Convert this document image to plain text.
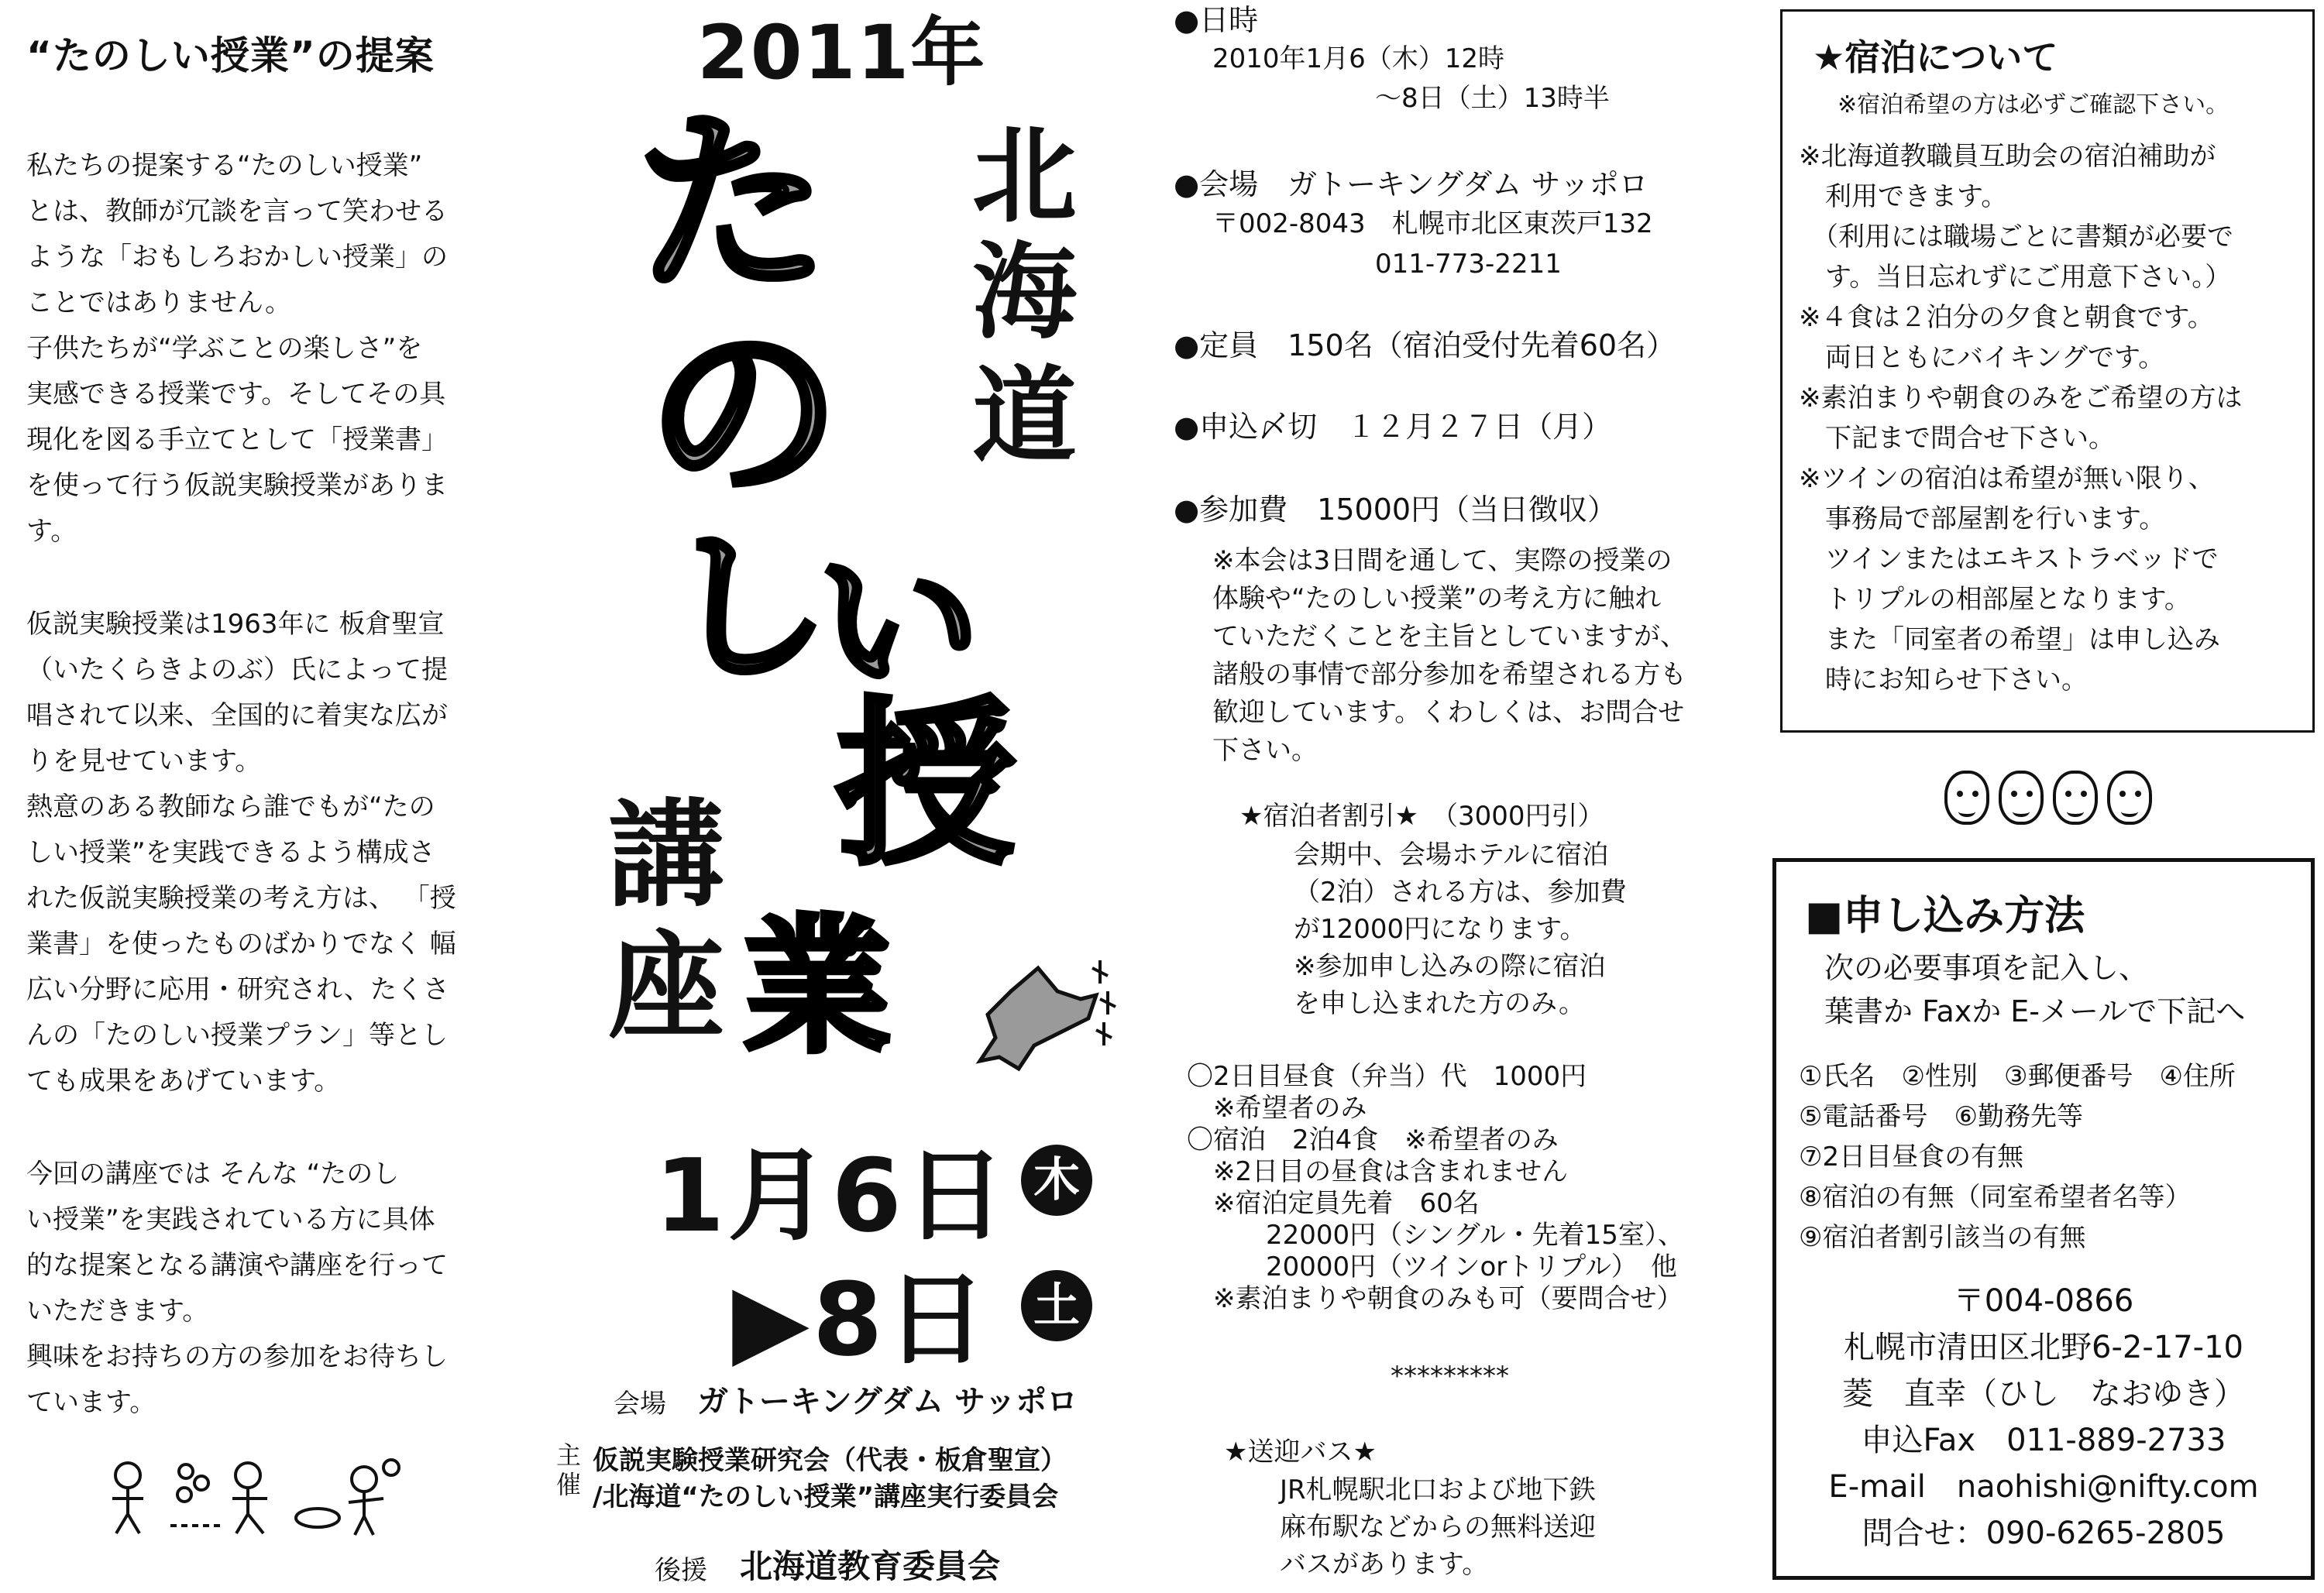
“たのしい授業”の提案
私たちの提案する“たのしい授業”
とは、教師が冗談を言って笑わせる
ような「おもしろおかしい授業」の
ことではありません。
子供たちが“学ぶことの楽しさ”を
実感できる授業です。そしてその具
現化を図る手立てとして「授業書」
を使って行う仮説実験授業がありま
す。
仮説実験授業は1963年に 板倉聖宣
（いたくらきよのぶ）氏によって提
唱されて以来、全国的に着実な広が
りを見せています。
熱意のある教師なら誰でもが“たの
しい授業”を実践できるよう構成さ
れた仮説実験授業の考え方は、 「授
業書」を使ったものばかりでなく 幅
広い分野に応用・研究され、たくさ
んの「たのしい授業プラン」等とし
ても成果をあげています。
今回の講座では そんな “たのし
い授業”を実践されている方に具体
的な提案となる講演や講座を行って
いただきます。
興味をお持ちの方の参加をお待ちし
ています。
2011年
た
の
し
い
授
業
北
海
道
講
座
1月6日 木
▶8日 土
会場 ガトーキングダム サッポロ
主
催
仮説実験授業研究会（代表・板倉聖宣）
/北海道“たのしい授業”講座実行委員会
後援 北海道教育委員会
●日時
2010年1月6（木）12時
〜8日（土）13時半
●会場　ガトーキングダム サッポロ
〒002-8043　札幌市北区東茨戸132
011-773-2211
●定員　150名（宿泊受付先着60名）
●申込〆切　１２月２７日（月）
●参加費　15000円（当日徴収）
※本会は3日間を通して、実際の授業の
体験や“たのしい授業”の考え方に触れ
ていただくことを主旨としていますが、
諸般の事情で部分参加を希望される方も
歓迎しています。くわしくは、お問合せ
下さい。
★宿泊者割引★　（3000円引）
会期中、会場ホテルに宿泊
（2泊）される方は、参加費
が12000円になります。
※参加申し込みの際に宿泊
を申し込まれた方のみ。
〇2日目昼食（弁当）代　1000円
　※希望者のみ
〇宿泊　2泊4食　※希望者のみ
　※2日目の昼食は含まれません
　※宿泊定員先着　60名
　　　22000円（シングル・先着15室）、
　　　20000円（ツインorトリプル）　他
　※素泊まりや朝食のみも可（要問合せ）
*********
★送迎バス★
JR札幌駅北口および地下鉄
麻布駅などからの無料送迎
バスがあります。
★宿泊について
※宿泊希望の方は必ずご確認下さい。
※北海道教職員互助会の宿泊補助が
　利用できます。
　（利用には職場ごとに書類が必要で
　す。当日忘れずにご用意下さい。）
※４食は２泊分の夕食と朝食です。
　両日ともにバイキングです。
※素泊まりや朝食のみをご希望の方は
　下記まで問合せ下さい。
※ツインの宿泊は希望が無い限り、
　事務局で部屋割を行います。
　ツインまたはエキストラベッドで
　トリプルの相部屋となります。
　また「同室者の希望」は申し込み
　時にお知らせ下さい。
■申し込み方法
次の必要事項を記入し、
葉書か Faxか E-メールで下記へ
①氏名　②性別　③郵便番号　④住所
⑤電話番号　⑥勤務先等
⑦2日目昼食の有無
⑧宿泊の有無（同室希望者名等）
⑨宿泊者割引該当の有無
〒004-0866
札幌市清田区北野6-2-17-10
菱　直幸（ひし　なおゆき）
申込Fax　011-889-2733
E-mail　naohishi@nifty.com
問合せ：090-6265-2805
